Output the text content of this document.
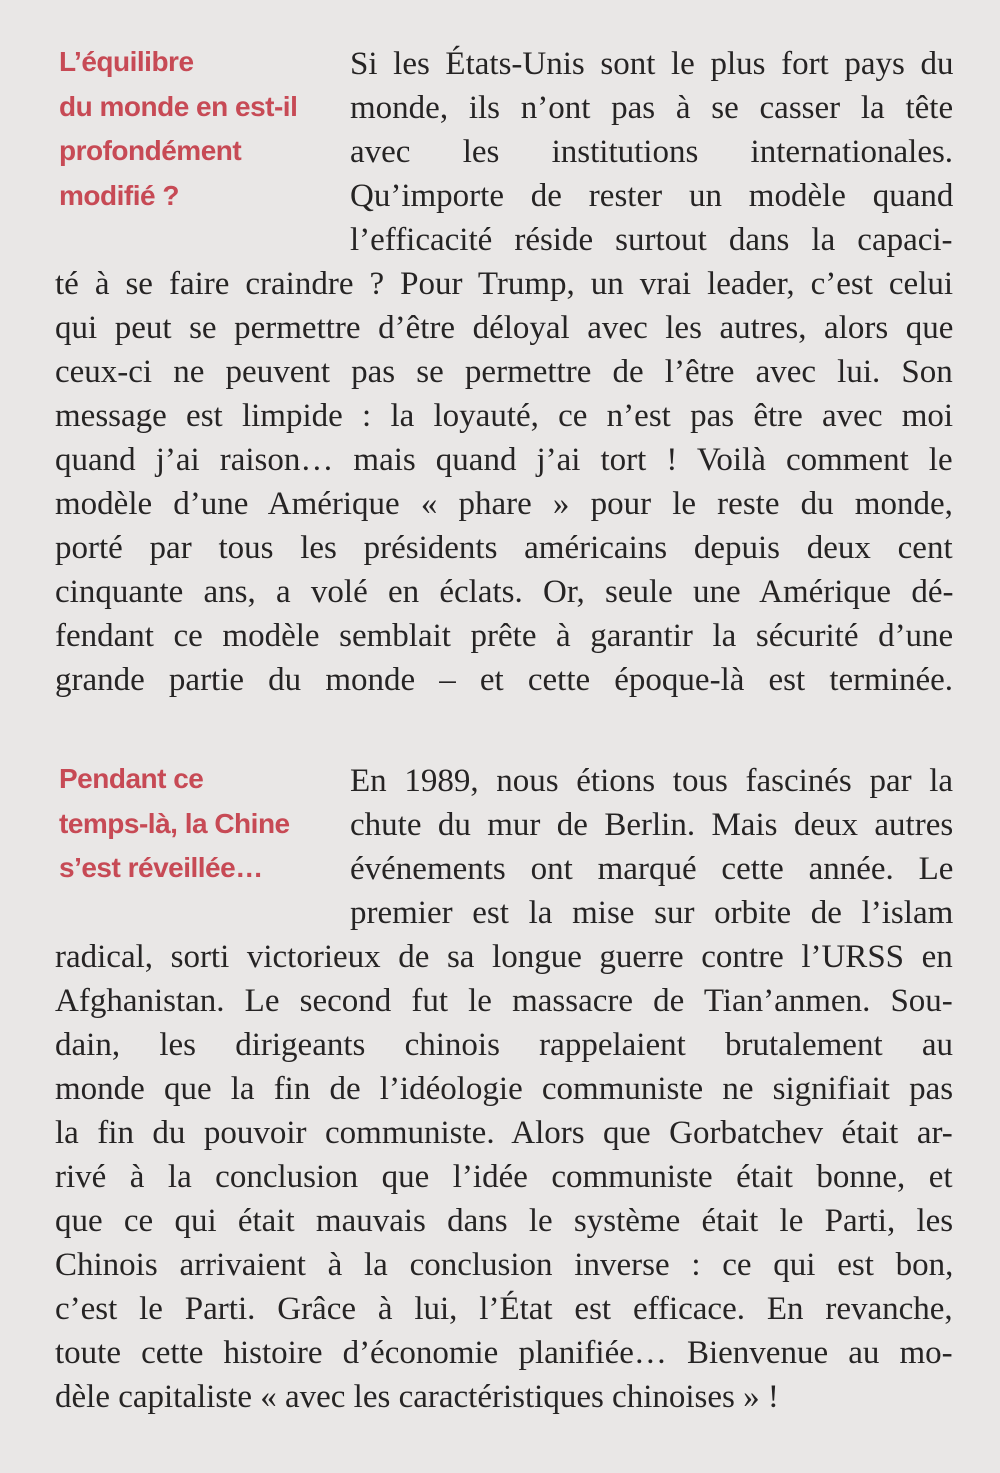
L’équilibre
du monde en est-il
profondément
modifié ?
Si les États-Unis sont le plus fort pays du
monde, ils n’ont pas à se casser la tête
avec les institutions internationales.
Qu’importe de rester un modèle quand
l’efficacité réside surtout dans la capaci-
té à se faire craindre ? Pour Trump, un vrai leader, c’est celui
qui peut se permettre d’être déloyal avec les autres, alors que
ceux-ci ne peuvent pas se permettre de l’être avec lui. Son
message est limpide : la loyauté, ce n’est pas être avec moi
quand j’ai raison… mais quand j’ai tort ! Voilà comment le
modèle d’une Amérique « phare » pour le reste du monde,
porté par tous les présidents américains depuis deux cent
cinquante ans, a volé en éclats. Or, seule une Amérique dé-
fendant ce modèle semblait prête à garantir la sécurité d’une
grande partie du monde – et cette époque-là est terminée.
Pendant ce
temps-là, la Chine
s’est réveillée…
En 1989, nous étions tous fascinés par la
chute du mur de Berlin. Mais deux autres
événements ont marqué cette année. Le
premier est la mise sur orbite de l’islam
radical, sorti victorieux de sa longue guerre contre l’URSS en
Afghanistan. Le second fut le massacre de Tian’anmen. Sou-
dain, les dirigeants chinois rappelaient brutalement au
monde que la fin de l’idéologie communiste ne signifiait pas
la fin du pouvoir communiste. Alors que Gorbatchev était ar-
rivé à la conclusion que l’idée communiste était bonne, et
que ce qui était mauvais dans le système était le Parti, les
Chinois arrivaient à la conclusion inverse : ce qui est bon,
c’est le Parti. Grâce à lui, l’État est efficace. En revanche,
toute cette histoire d’économie planifiée… Bienvenue au mo-
dèle capitaliste « avec les caractéristiques chinoises » !
